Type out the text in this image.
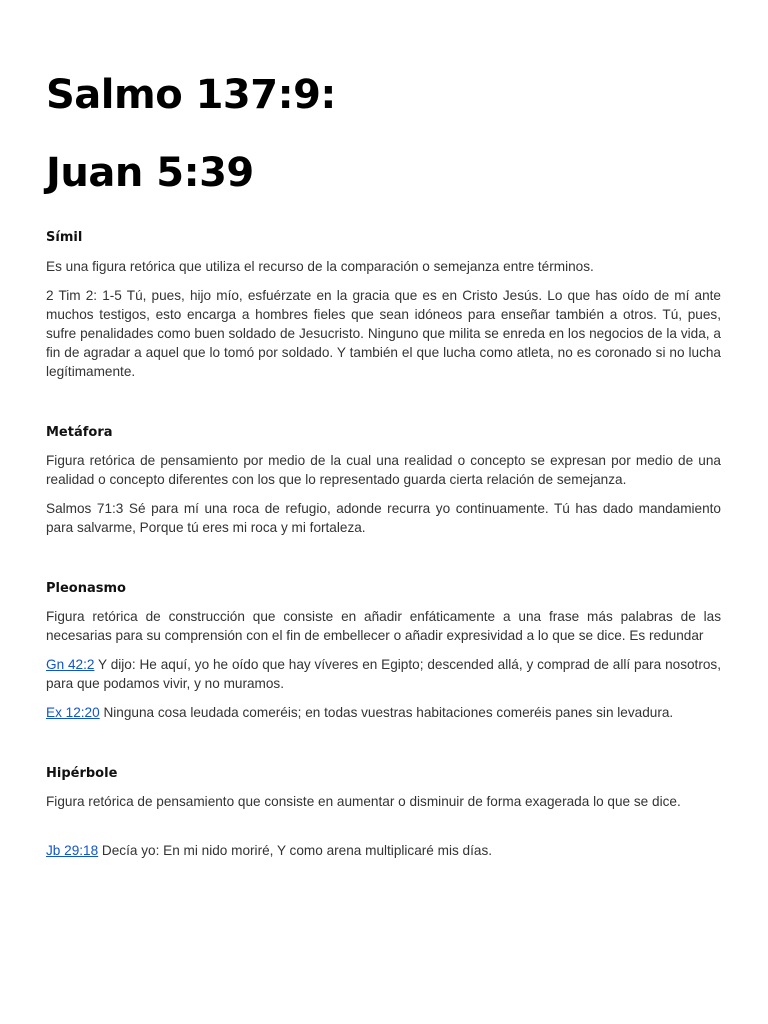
Salmo 137:9:
Juan 5:39
Símil

Es una figura retórica que utiliza el recurso de la comparación o semejanza entre términos.

2 Tim 2: 1-5 Tú, pues, hijo mío, esfuérzate en la gracia que es en Cristo Jesús. Lo que has oído de mí ante muchos testigos, esto encarga a hombres fieles que sean idóneos para enseñar también a otros. Tú, pues, sufre penalidades como buen soldado de Jesucristo. Ninguno que milita se enreda en los negocios de la vida, a fin de agradar a aquel que lo tomó por soldado. Y también el que lucha como atleta, no es coronado si no lucha legítimamente.

Metáfora

Figura retórica de pensamiento por medio de la cual una realidad o concepto se expresan por medio de una realidad o concepto diferentes con los que lo representado guarda cierta relación de semejanza.

Salmos 71:3 Sé para mí una roca de refugio, adonde recurra yo continuamente. Tú has dado mandamiento para salvarme, Porque tú eres mi roca y mi fortaleza.

Pleonasmo

Figura retórica de construcción que consiste en añadir enfáticamente a una frase más palabras de las necesarias para su comprensión con el fin de embellecer o añadir expresividad a lo que se dice. Es redundar

Gn 42:2 Y dijo: He aquí, yo he oído que hay víveres en Egipto; descended allá, y comprad de allí para nosotros, para que podamos vivir, y no muramos.

Ex 12:20 Ninguna cosa leudada comeréis; en todas vuestras habitaciones comeréis panes sin levadura.

Hipérbole

Figura retórica de pensamiento que consiste en aumentar o disminuir de forma exagerada lo que se dice.

Jb 29:18 Decía yo: En mi nido moriré, Y como arena multiplicaré mis días.
